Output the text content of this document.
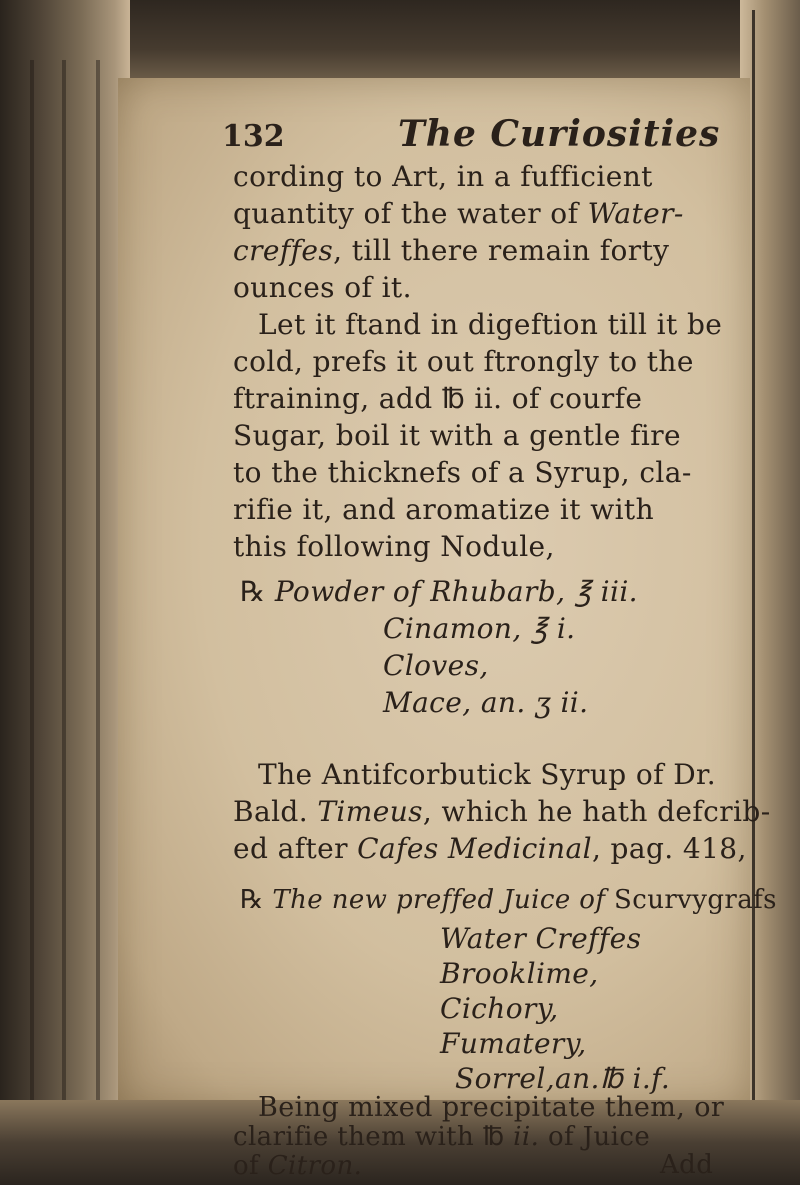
132	The Curiosities
cording to Art, in a fufficient
quantity of the water of Water-
creffes, till there remain forty
ounces of it.
Let it ftand in digeftion till it be
cold, prefs it out ftrongly to the
ftraining, add ℔ ii. of courfe
Sugar, boil it with a gentle fire
to the thicknefs of a Syrup, cla-
rifie it, and aromatize it with
this following Nodule,
℞ Powder of Rhubarb, ℥ iii.
Cinamon, ℥ i.
Cloves,
Mace, an. ʒ ii.
The Antifcorbutick Syrup of Dr.
Bald. Timeus, which he hath defcrib-
ed after Cafes Medicinal, pag. 418,
℞ The new preffed Juice of Scurvygrafs
Water Creffes
Brooklime,
Cichory,
Fumatery,
Sorrel,an.℔ i.f.
Being mixed precipitate them, or
clarifie them with ℔ ii. of Juice
of Citron.	Add
